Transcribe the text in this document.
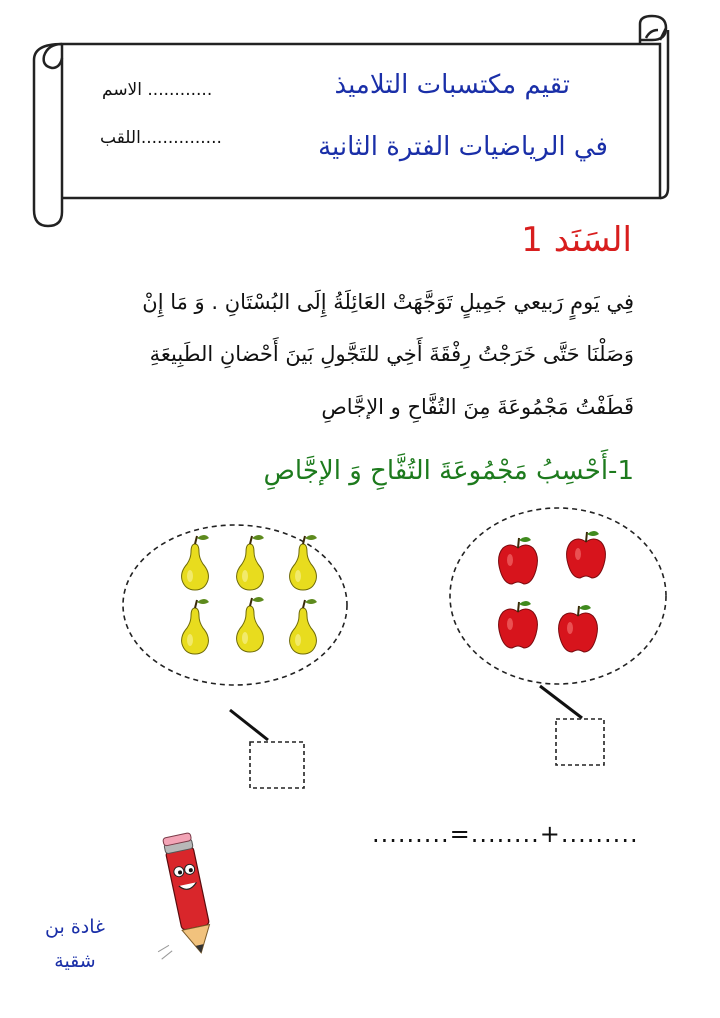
تقيم مكتسبات التلاميذ
في الرياضيات الفترة الثانية
الاسم ............
اللقب...............
السَنَد 1
فِي يَومٍ رَبيعي جَمِيلٍ تَوَجَّهَتْ العَائِلَةُ إِلَى البُسْتَانِ . وَ مَا إِنْ
وَصَلْنَا حَتَّى خَرَجْتُ رِفْقَةَ أَخِي للتَجَّولِ بَينَ أَحْضانِ الطَبِيعَةِ
قَطَفْتُ مَجْمُوعَةَ مِنَ التُفَّاحِ و الإجَّاصِ
1-أَحْسِبُ مَجْمُوعَةَ التُفَّاحِ وَ الإجَّاصِ
.........=........+.........
غادة بن
شقية
